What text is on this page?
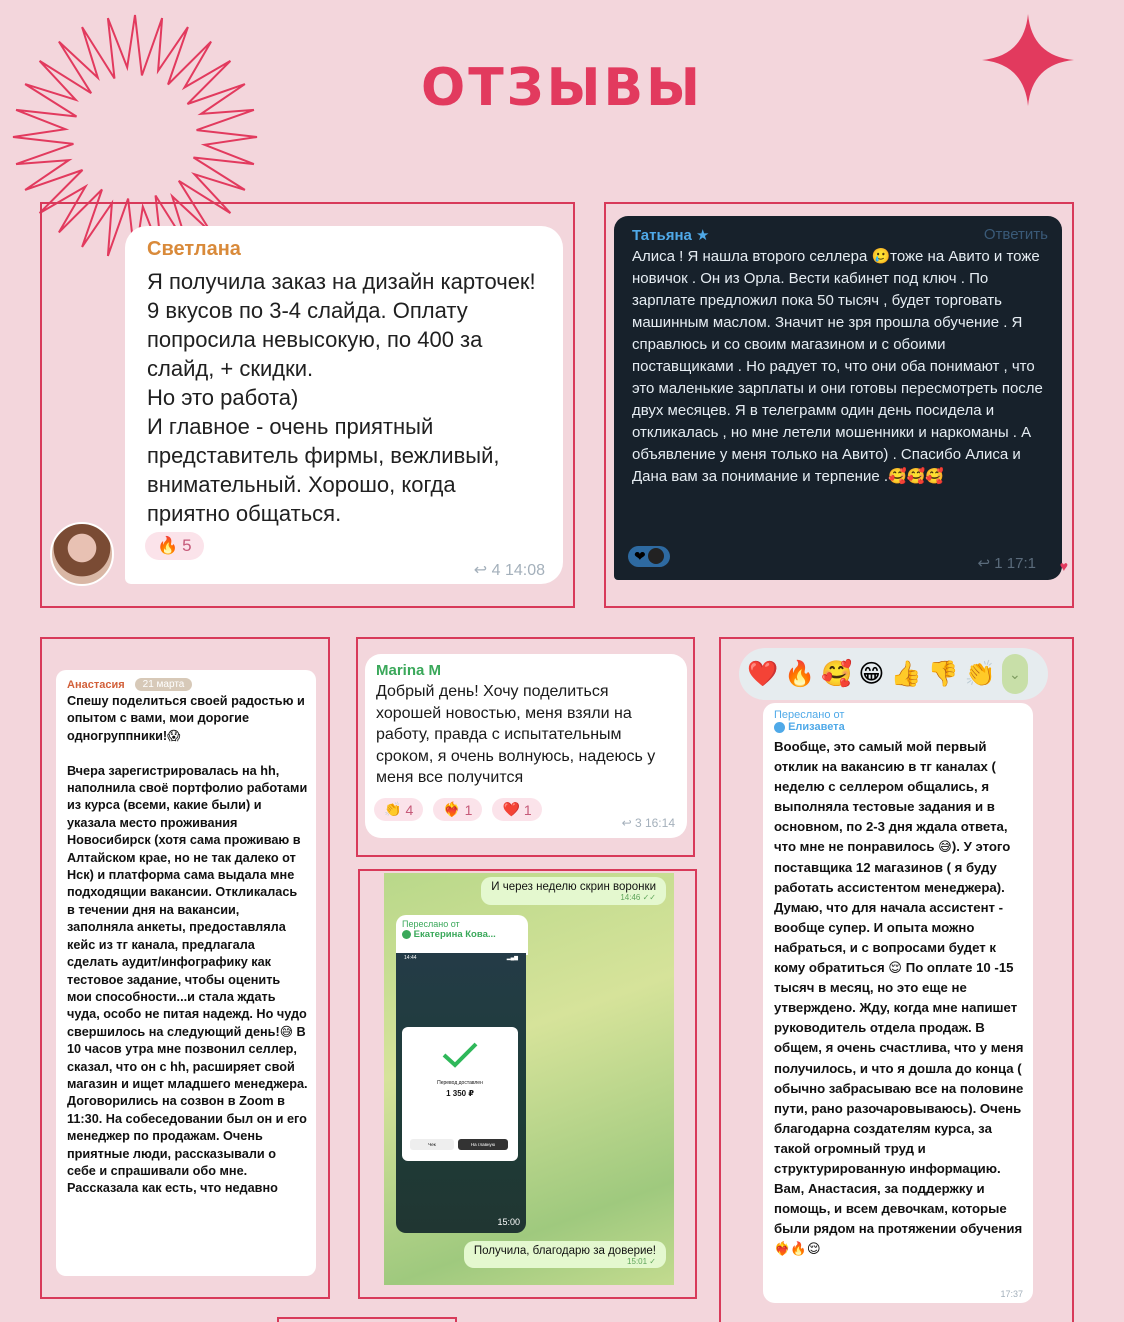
ОТЗЫВЫ
Светлана
Я получила заказ на дизайн карточек! 9 вкусов по 3-4 слайда. Оплату попросила невысокую, по 400 за слайд, + скидки.
Но это работа)
И главное - очень приятный представитель фирмы, вежливый, внимательный. Хорошо, когда приятно общаться.
🔥 5
↩ 4 14:08
Татьяна ★	Ответить
Алиса ! Я нашла второго селлера 🥲тоже на Авито и тоже новичок . Он из Орла. Вести кабинет под ключ . По зарплате предложил пока 50 тысяч , будет торговать машинным маслом. Значит не зря прошла обучение . Я справлюсь и со своим магазином и с обоими поставщиками . Но радует то, что они оба понимают , что это маленькие зарплаты и они готовы пересмотреть после двух месяцев. Я в телеграмм один день посидела и откликалась , но мне летели мошенники и наркоманы . А объявление у меня только на Авито) . Спасибо Алиса и Дана вам за понимание и терпение .🥰🥰🥰
❤	↩ 1 17:1 ♥
Анастасия	21 марта
Спешу поделиться своей радостью и опытом с вами, мои дорогие одногруппники!😱

Вчера зарегистрировалась на hh, наполнила своё портфолио работами из курса (всеми, какие были) и указала место проживания Новосибирск (хотя сама проживаю в Алтайском крае, но не так далеко от Нск) и платформа сама выдала мне подходящии вакансии. Откликалась в течении дня на вакансии, заполняла анкеты, предоставляла кейс из тг канала, предлагала сделать аудит/инфографику как тестовое задание, чтобы оценить мои способности...и стала ждать чуда, особо не питая надежд. Но чудо свершилось на следующий день!😅 В 10 часов утра мне позвонил селлер, сказал, что он с hh, расширяет свой магазин и ищет младшего менеджера. Договорились на созвон в Zoom в 11:30. На собеседовании был он и его менеджер по продажам. Очень приятные люди, рассказывали о себе и спрашивали обо мне. Рассказала как есть, что недавно
Marina M
Добрый день! Хочу поделиться хорошей новостью, меня взяли на работу, правда с испытательным сроком, я очень волнуюсь, надеюсь у меня все получится
👏 4 ❤️‍🔥 1 ❤️ 1
↩ 3 16:14
И через неделю скрин воронки
14:46 ✓✓
Переслано от
Екатерина Кова...
14:44	▂▄▆
Перевод доставлен
1 350 ₽
Чек	На главную
15:00
Получила, благодарю за доверие!
15:01 ✓
❤️ 🔥 🥰 😁 👍 👎 👏 ⌄
Переслано от
Елизавета
Вообще, это самый мой первый отклик на вакансию в тг каналах ( неделю с селлером общались, я выполняла тестовые задания и в основном, по 2-3 дня ждала ответа, что мне не понравилось 😅). У этого поставщика 12 магазинов ( я буду работать ассистентом менеджера). Думаю, что для начала ассистент - вообще супер. И опыта можно набраться, и с вопросами будет к кому обратиться 😌 По оплате 10 -15 тысяч в месяц, но это еще не утверждено. Жду, когда мне напишет руководитель отдела продаж. В общем, я очень счастлива, что у меня получилось, и что я дошла до конца ( обычно забрасываю все на половине пути, рано разочаровываюсь). Очень благодарна создателям курса, за такой огромный труд и структурированную информацию. Вам, Анастасия, за поддержку и помощь, и всем девочкам, которые были рядом на протяжении обучения❤️‍🔥🔥😌
17:37
